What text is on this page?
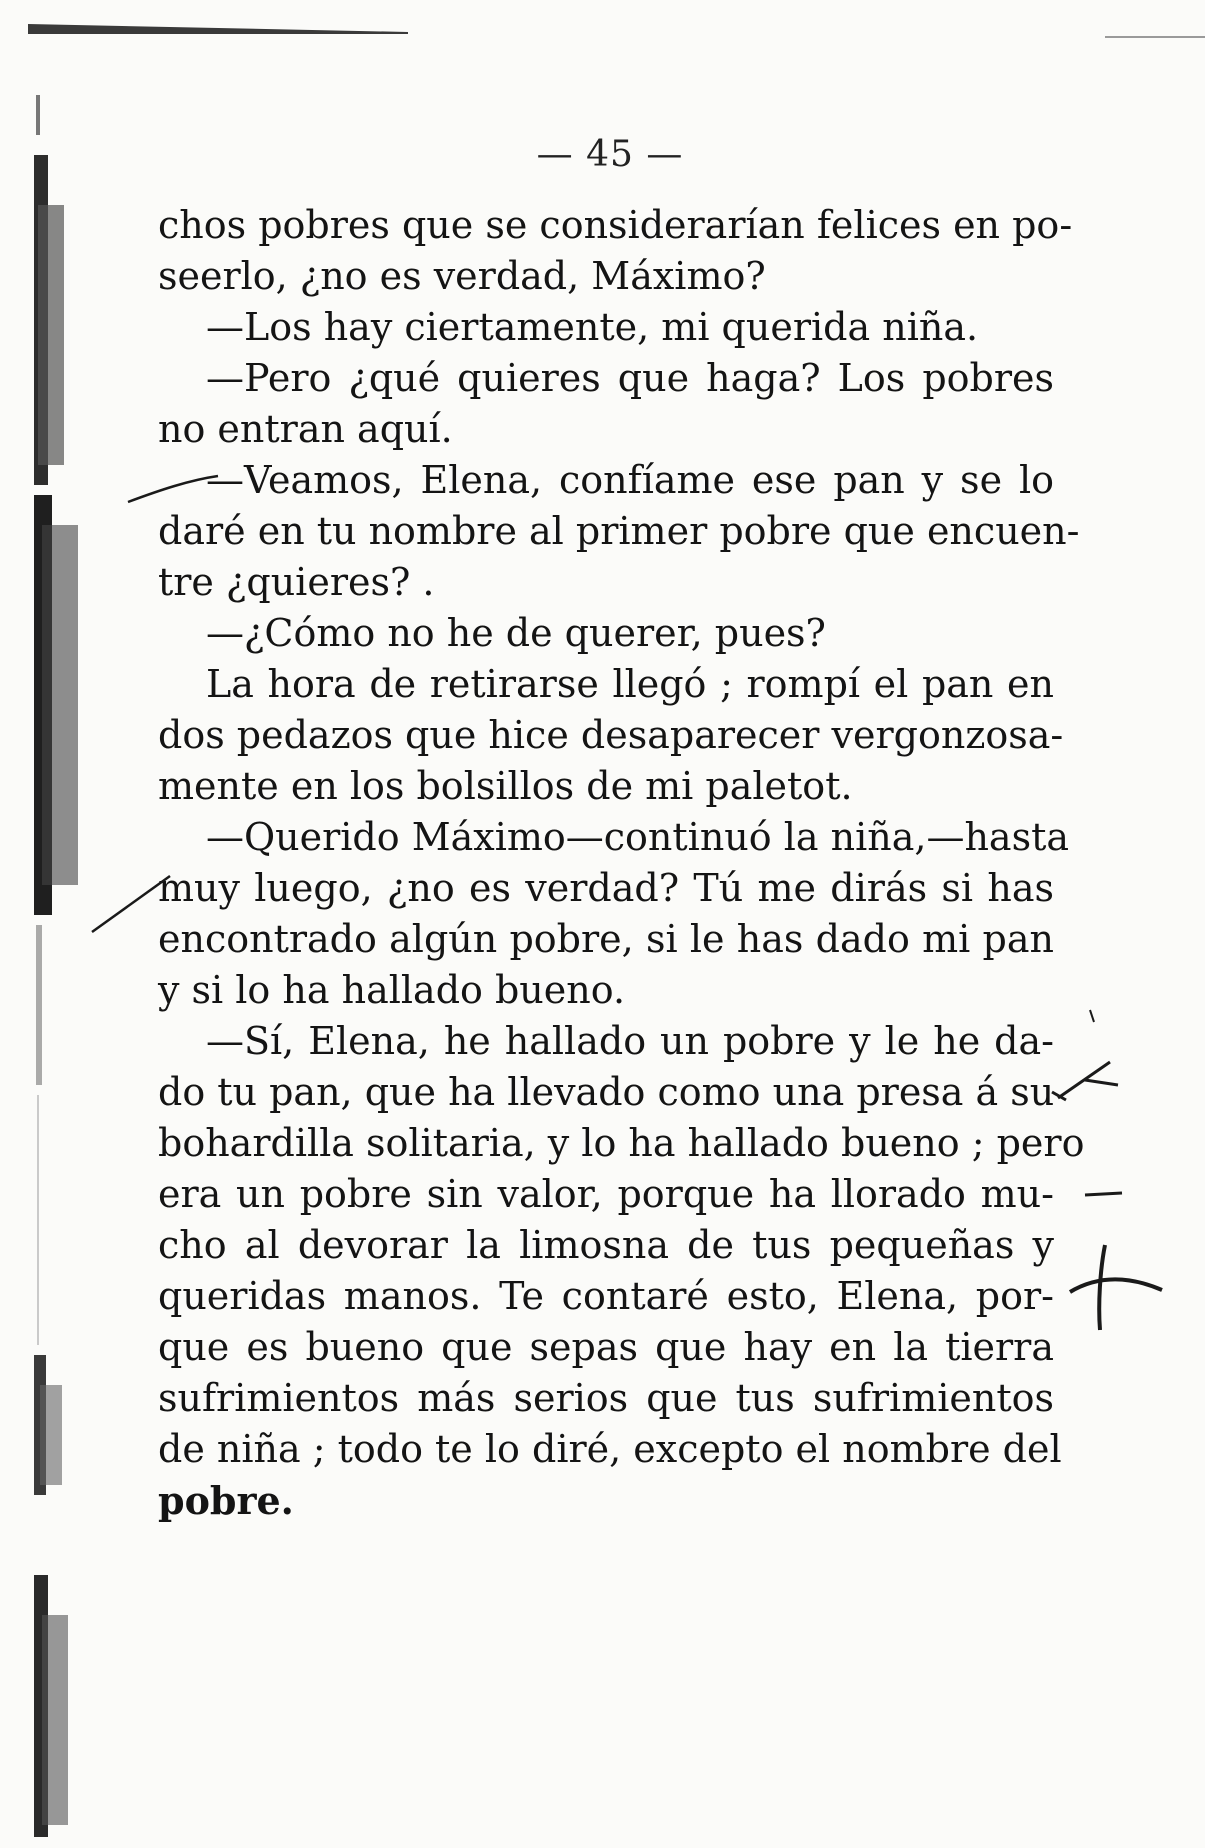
— 45 —
chos pobres que se considerarían felices en po-
seerlo, ¿no es verdad, Máximo?
—Los hay ciertamente, mi querida niña.
—Pero ¿qué quieres que haga? Los pobres
no entran aquí.
—Veamos, Elena, confíame ese pan y se lo
daré en tu nombre al primer pobre que encuen-
tre ¿quieres? .
—¿Cómo no he de querer, pues?
La hora de retirarse llegó ; rompí el pan en
dos pedazos que hice desaparecer vergonzosa-
mente en los bolsillos de mi paletot.
—Querido Máximo—continuó la niña,—hasta
muy luego, ¿no es verdad? Tú me dirás si has
encontrado algún pobre, si le has dado mi pan
y si lo ha hallado bueno.
—Sí, Elena, he hallado un pobre y le he da-
do tu pan, que ha llevado como una presa á su
bohardilla solitaria, y lo ha hallado bueno ; pero
era un pobre sin valor, porque ha llorado mu-
cho al devorar la limosna de tus pequeñas y
queridas manos. Te contaré esto, Elena, por-
que es bueno que sepas que hay en la tierra
sufrimientos más serios que tus sufrimientos
de niña ; todo te lo diré, excepto el nombre del
pobre.
